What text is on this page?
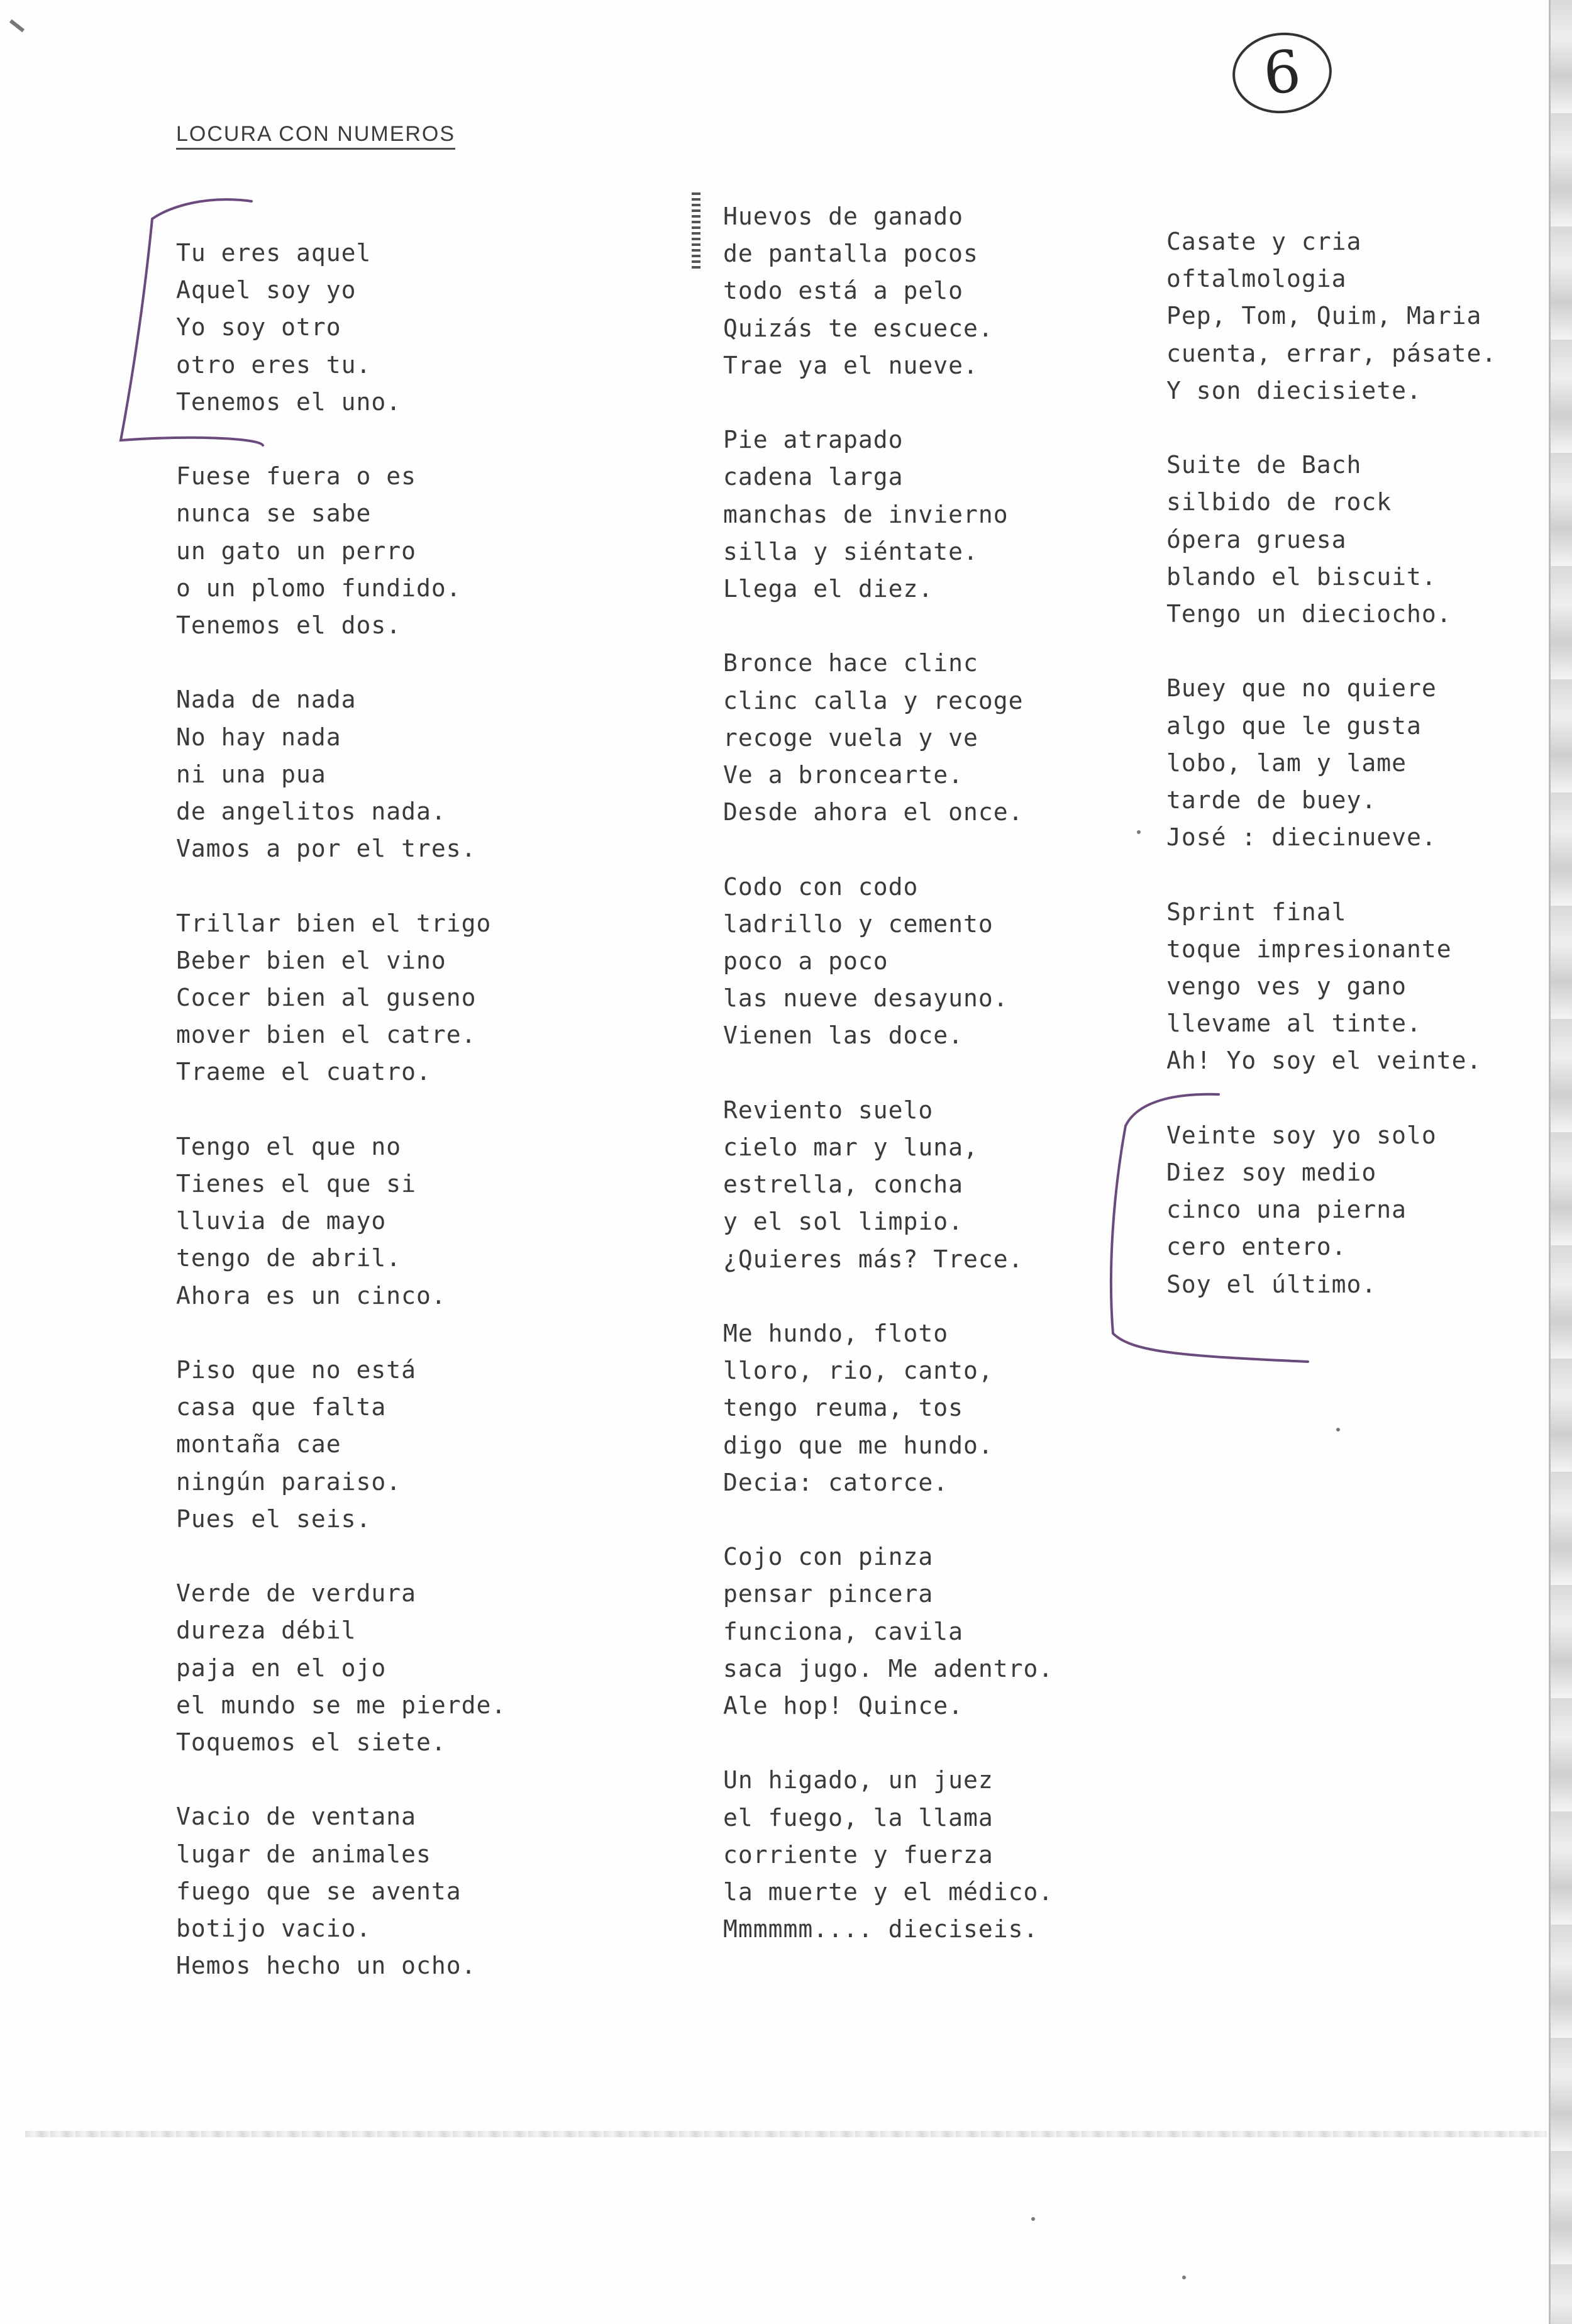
6
LOCURA CON NUMEROS
Tu eres aquel
Aquel soy yo
Yo soy otro
otro eres tu.
Tenemos el uno.
Fuese fuera o es
nunca se sabe
un gato un perro
o un plomo fundido.
Tenemos el dos.
Nada de nada
No hay nada
ni una pua
de angelitos nada.
Vamos a por el tres.
Trillar bien el trigo
Beber bien el vino
Cocer bien al guseno
mover bien el catre.
Traeme el cuatro.
Tengo el que no
Tienes el que si
lluvia de mayo
tengo de abril.
Ahora es un cinco.
Piso que no está
casa que falta
montaña cae
ningún paraiso.
Pues el seis.
Verde de verdura
dureza débil
paja en el ojo
el mundo se me pierde.
Toquemos el siete.
Vacio de ventana
lugar de animales
fuego que se aventa
botijo vacio.
Hemos hecho un ocho.
Huevos de ganado
de pantalla pocos
todo está a pelo
Quizás te escuece.
Trae ya el nueve.
Pie atrapado
cadena larga
manchas de invierno
silla y siéntate.
Llega el diez.
Bronce hace clinc
clinc calla y recoge
recoge vuela y ve
Ve a broncearte.
Desde ahora el once.
Codo con codo
ladrillo y cemento
poco a poco
las nueve desayuno.
Vienen las doce.
Reviento suelo
cielo mar y luna,
estrella, concha
y el sol limpio.
¿Quieres más? Trece.
Me hundo, floto
lloro, rio, canto,
tengo reuma, tos
digo que me hundo.
Decia: catorce.
Cojo con pinza
pensar pincera
funciona, cavila
saca jugo. Me adentro.
Ale hop! Quince.
Un higado, un juez
el fuego, la llama
corriente y fuerza
la muerte y el médico.
Mmmmmm.... dieciseis.
Casate y cria
oftalmologia
Pep, Tom, Quim, Maria
cuenta, errar, pásate.
Y son diecisiete.
Suite de Bach
silbido de rock
ópera gruesa
blando el biscuit.
Tengo un dieciocho.
Buey que no quiere
algo que le gusta
lobo, lam y lame
tarde de buey.
José : diecinueve.
Sprint final
toque impresionante
vengo ves y gano
llevame al tinte.
Ah! Yo soy el veinte.
Veinte soy yo solo
Diez soy medio
cinco una pierna
cero entero.
Soy el último.
